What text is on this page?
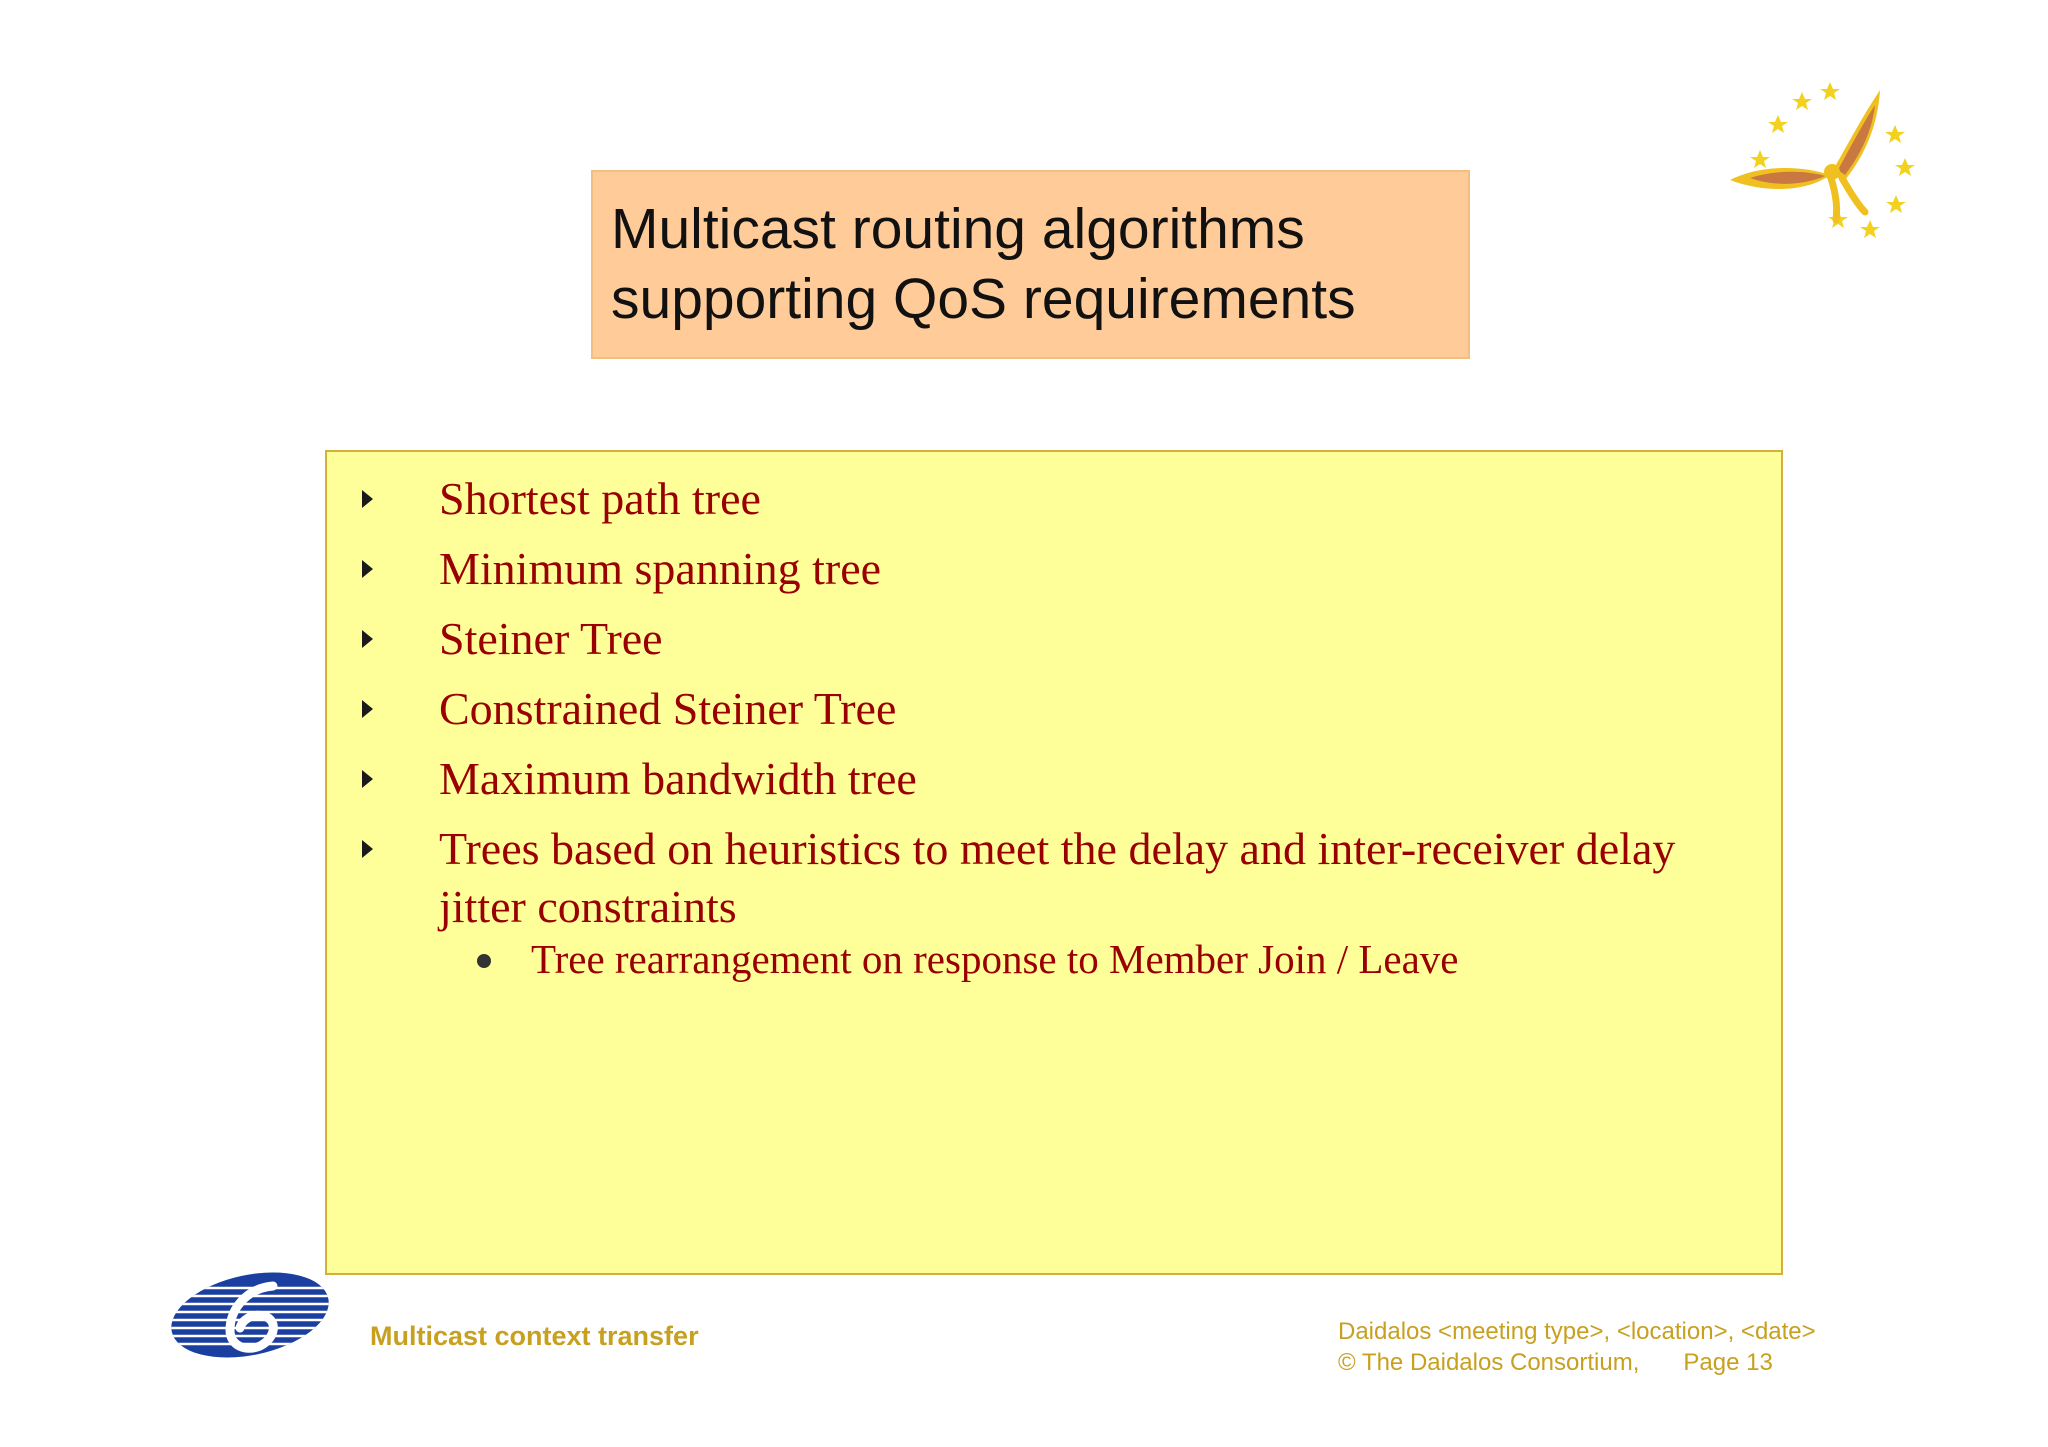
Multicast routing algorithms
supporting QoS requirements
Shortest path tree
Minimum spanning tree
Steiner Tree
Constrained Steiner Tree
Maximum bandwidth tree
Trees based on heuristics to meet the delay and inter-receiver delay jitter constraints
Tree rearrangement on response to Member Join / Leave
Multicast context transfer	Daidalos <meeting type>, <location>, <date>
© The Daidalos Consortium, Page 13
